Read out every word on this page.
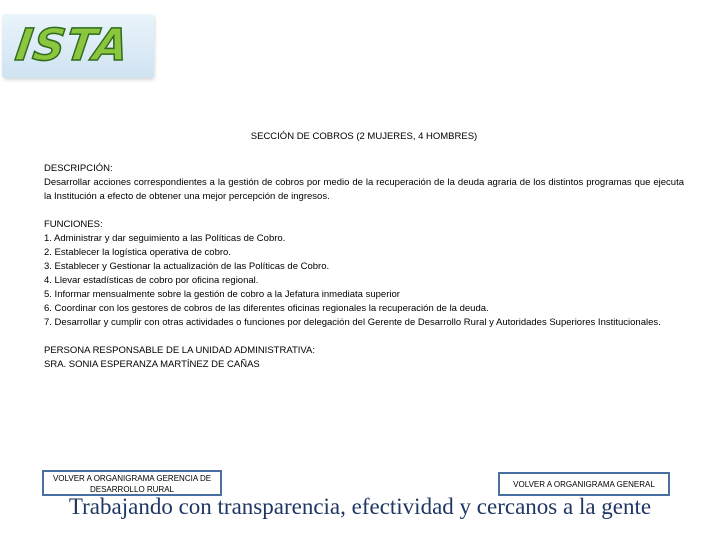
ISTA
SECCIÓN DE COBROS (2 MUJERES, 4 HOMBRES)

DESCRIPCIÓN:

Desarrollar acciones correspondientes a la gestión de cobros por medio de la recuperación de la deuda agraria de los distintos programas que ejecuta la Institución a efecto de obtener una mejor percepción de ingresos.

FUNCIONES:

1. Administrar y dar seguimiento a las Políticas de Cobro.

2. Establecer la logística operativa de cobro.

3. Establecer y Gestionar la actualización de las Políticas de Cobro.

4. Llevar estadísticas de cobro por oficina regional.

5. Informar mensualmente sobre la gestión de cobro a la Jefatura inmediata superior

6. Coordinar con los gestores de cobros de las diferentes oficinas regionales la recuperación de la deuda.

7. Desarrollar y cumplir con otras actividades o funciones por delegación del Gerente de Desarrollo Rural y Autoridades Superiores Institucionales.

PERSONA RESPONSABLE DE LA UNIDAD ADMINISTRATIVA:

SRA. SONIA ESPERANZA MARTÍNEZ DE CAÑAS

VOLVER A ORGANIGRAMA GERENCIA DE DESARROLLO RURAL
VOLVER A ORGANIGRAMA GENERAL
Trabajando con transparencia, efectividad y cercanos a la gente
